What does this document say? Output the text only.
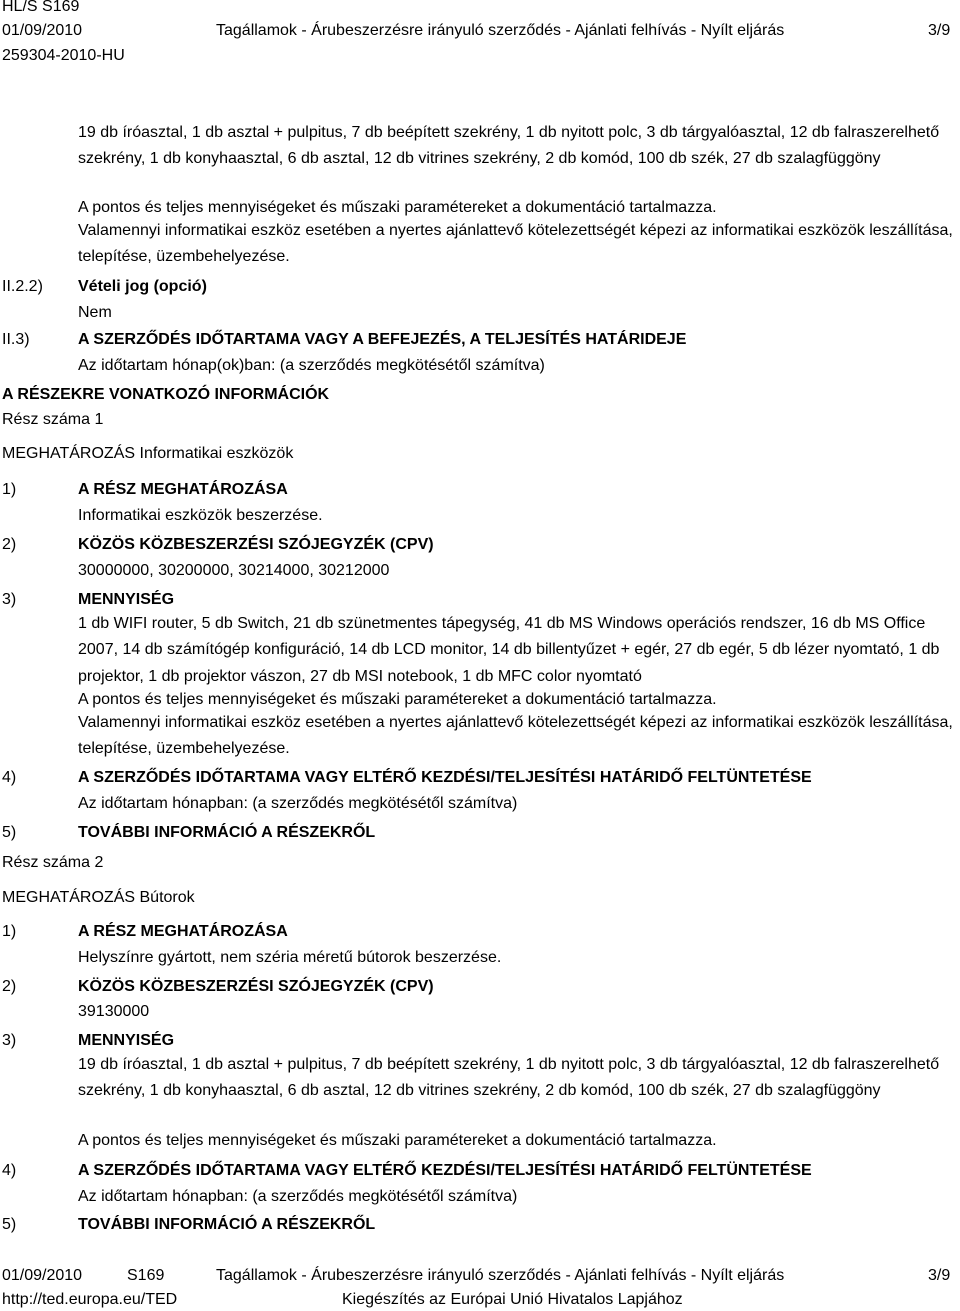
HL/S S169
01/09/2010	Tagállamok - Árubeszerzésre irányuló szerződés - Ajánlati felhívás - Nyílt eljárás	3/9
259304-2010-HU
19 db íróasztal, 1 db asztal + pulpitus, 7 db beépített szekrény, 1 db nyitott polc, 3 db tárgyalóasztal, 12 db falraszerelhető szekrény, 1 db konyhaasztal, 6 db asztal, 12 db vitrines szekrény, 2 db komód, 100 db szék, 27 db szalagfüggöny
A pontos és teljes mennyiségeket és műszaki paramétereket a dokumentáció tartalmazza.
Valamennyi informatikai eszköz esetében a nyertes ajánlattevő kötelezettségét képezi az informatikai eszközök leszállítása, telepítése, üzembehelyezése.
II.2.2) Vételi jog (opció)
Nem
II.3)	A SZERZŐDÉS IDŐTARTAMA VAGY A BEFEJEZÉS, A TELJESÍTÉS HATÁRIDEJE
Az időtartam hónap(ok)ban: (a szerződés megkötésétől számítva)
A RÉSZEKRE VONATKOZÓ INFORMÁCIÓK
Rész száma 1
MEGHATÁROZÁS Informatikai eszközök
1)	A RÉSZ MEGHATÁROZÁSA
Informatikai eszközök beszerzése.
2)	KÖZÖS KÖZBESZERZÉSI SZÓJEGYZÉK (CPV)
30000000, 30200000, 30214000, 30212000
3)	MENNYISÉG
1 db WIFI router, 5 db Switch, 21 db szünetmentes tápegység, 41 db MS Windows operációs rendszer, 16 db MS Office 2007, 14 db számítógép konfiguráció, 14 db LCD monitor, 14 db billentyűzet + egér, 27 db egér, 5 db lézer nyomtató, 1 db projektor, 1 db projektor vászon, 27 db MSI notebook, 1 db MFC color nyomtató
A pontos és teljes mennyiségeket és műszaki paramétereket a dokumentáció tartalmazza.
Valamennyi informatikai eszköz esetében a nyertes ajánlattevő kötelezettségét képezi az informatikai eszközök leszállítása, telepítése, üzembehelyezése.
4)	A SZERZŐDÉS IDŐTARTAMA VAGY ELTÉRŐ KEZDÉSI/TELJESÍTÉSI HATÁRIDŐ FELTÜNTETÉSE
Az időtartam hónapban: (a szerződés megkötésétől számítva)
5)	TOVÁBBI INFORMÁCIÓ A RÉSZEKRŐL
Rész száma 2
MEGHATÁROZÁS Bútorok
1)	A RÉSZ MEGHATÁROZÁSA
Helyszínre gyártott, nem széria méretű bútorok beszerzése.
2)	KÖZÖS KÖZBESZERZÉSI SZÓJEGYZÉK (CPV)
39130000
3)	MENNYISÉG
19 db íróasztal, 1 db asztal + pulpitus, 7 db beépített szekrény, 1 db nyitott polc, 3 db tárgyalóasztal, 12 db falraszerelhető szekrény, 1 db konyhaasztal, 6 db asztal, 12 db vitrines szekrény, 2 db komód, 100 db szék, 27 db szalagfüggöny
A pontos és teljes mennyiségeket és műszaki paramétereket a dokumentáció tartalmazza.
4)	A SZERZŐDÉS IDŐTARTAMA VAGY ELTÉRŐ KEZDÉSI/TELJESÍTÉSI HATÁRIDŐ FELTÜNTETÉSE
Az időtartam hónapban: (a szerződés megkötésétől számítva)
5)	TOVÁBBI INFORMÁCIÓ A RÉSZEKRŐL
01/09/2010	S169	Tagállamok - Árubeszerzésre irányuló szerződés - Ajánlati felhívás - Nyílt eljárás	3/9
http://ted.europa.eu/TED	Kiegészítés az Európai Unió Hivatalos Lapjához
